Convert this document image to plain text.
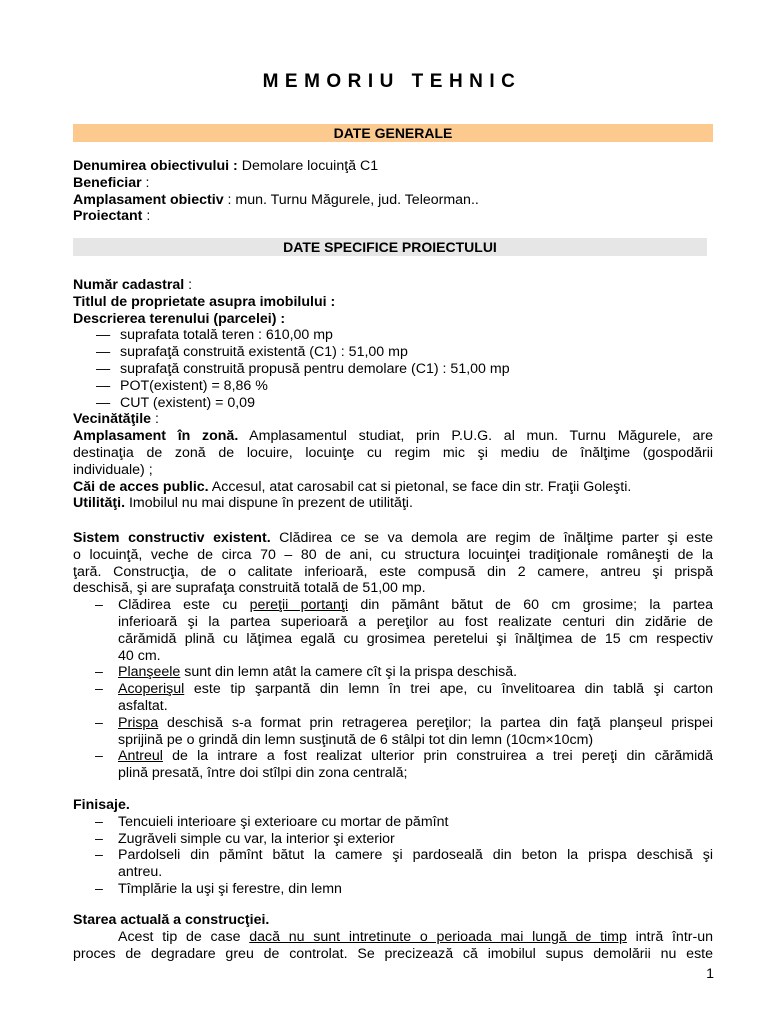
MEMORIU TEHNIC
DATE GENERALE
Denumirea obiectivului : Demolare locuinţă C1
Beneficiar :
Amplasament obiectiv : mun. Turnu Măgurele, jud. Teleorman..
Proiectant :
DATE SPECIFICE PROIECTULUI
Număr cadastral :
Titlul de proprietate asupra imobilului :
Descrierea terenului (parcelei) :
— suprafata totală teren : 610,00 mp
— suprafaţă construită existentă (C1) : 51,00 mp
— suprafaţă construită propusă pentru demolare (C1) : 51,00 mp
— POT(existent) = 8,86 %
— CUT (existent) = 0,09
Vecinătăţile :
Amplasament în zonă. Amplasamentul studiat, prin P.U.G. al mun. Turnu Măgurele, are
destinaţia de zonă de locuire, locuinţe cu regim mic şi mediu de înălţime (gospodării
individuale) ;
Căi de acces public. Accesul, atat carosabil cat si pietonal, se face din str. Fraţii Goleşti.
Utilităţi. Imobilul nu mai dispune în prezent de utilităţi.
Sistem constructiv existent. Clădirea ce se va demola are regim de înălţime parter şi este
o locuinţă, veche de circa 70 – 80 de ani, cu structura locuinţei tradiţionale româneşti de la
ţară. Construcţia, de o calitate inferioară, este compusă din 2 camere, antreu şi prispă
deschisă, şi are suprafaţa construită totală de 51,00 mp.
– Clădirea este cu pereţii portanţi din pământ bătut de 60 cm grosime; la partea
inferioară şi la partea superioară a pereţilor au fost realizate centuri din zidărie de
cărămidă plină cu lăţimea egală cu grosimea peretelui şi înălţimea de 15 cm respectiv
40 cm.
– Planşeele sunt din lemn atât la camere cît şi la prispa deschisă.
– Acoperişul este tip şarpantă din lemn în trei ape, cu învelitoarea din tablă şi carton
asfaltat.
– Prispa deschisă s-a format prin retragerea pereţilor; la partea din faţă planşeul prispei
sprijină pe o grindă din lemn susţinută de 6 stâlpi tot din lemn (10cm×10cm)
– Antreul de la intrare a fost realizat ulterior prin construirea a trei pereţi din cărămidă
plină presată, între doi stîlpi din zona centrală;
Finisaje.
– Tencuieli interioare şi exterioare cu mortar de pămînt
– Zugrăveli simple cu var, la interior şi exterior
– Pardolseli din pămînt bătut la camere şi pardoseală din beton la prispa deschisă şi
antreu.
– Tîmplărie la uşi şi ferestre, din lemn
Starea actuală a construcţiei.
Acest tip de case dacă nu sunt intretinute o perioada mai lungă de timp intră într-un
proces de degradare greu de controlat. Se precizează că imobilul supus demolării nu este
1
